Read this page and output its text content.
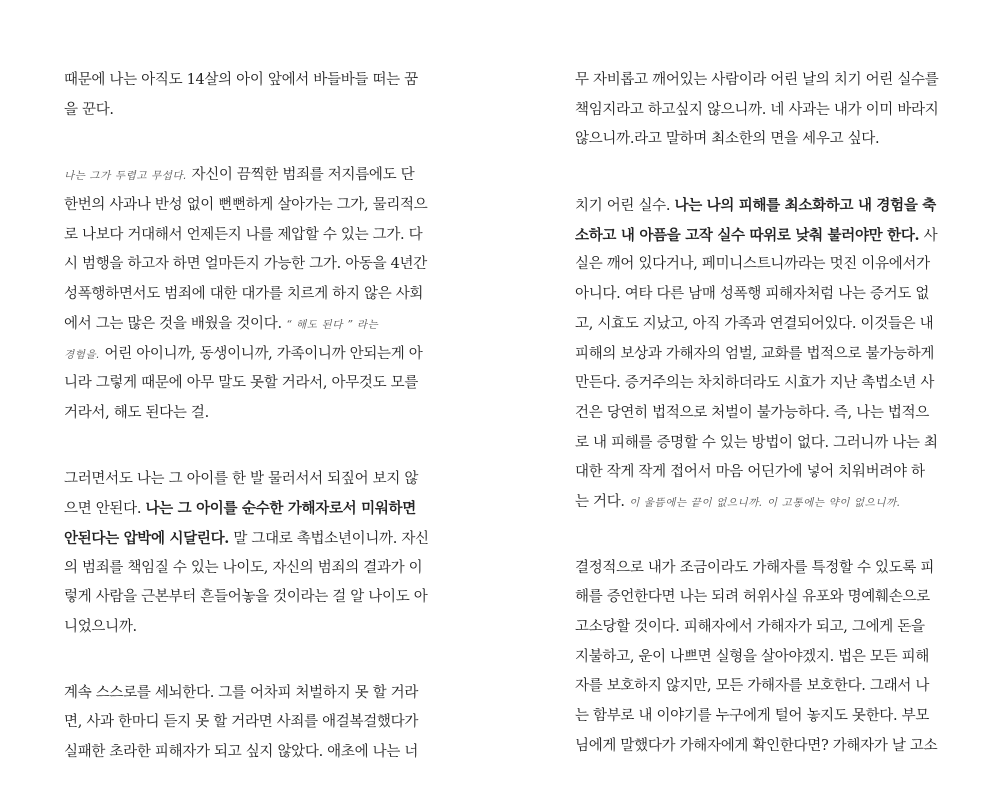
때문에 나는 아직도 14살의 아이 앞에서 바들바들 떠는 꿈
을 꾼다.
나는 그가 두렵고 무섭다. 자신이 끔찍한 범죄를 저지름에도 단
한번의 사과나 반성 없이 뻔뻔하게 살아가는 그가, 물리적으
로 나보다 거대해서 언제든지 나를 제압할 수 있는 그가. 다
시 범행을 하고자 하면 얼마든지 가능한 그가. 아동을 4년간
성폭행하면서도 범죄에 대한 대가를 치르게 하지 않은 사회
에서 그는 많은 것을 배웠을 것이다. “ 해도 된다 ” 라는
경험을. 어린 아이니까, 동생이니까, 가족이니까 안되는게 아
니라 그렇게 때문에 아무 말도 못할 거라서, 아무것도 모를
거라서, 해도 된다는 걸.
그러면서도 나는 그 아이를 한 발 물러서서 되짚어 보지 않
으면 안된다. 나는 그 아이를 순수한 가해자로서 미워하면
안된다는 압박에 시달린다. 말 그대로 촉법소년이니까. 자신
의 범죄를 책임질 수 있는 나이도, 자신의 범죄의 결과가 이
렇게 사람을 근본부터 흔들어놓을 것이라는 걸 알 나이도 아
니었으니까.
계속 스스로를 세뇌한다. 그를 어차피 처벌하지 못 할 거라
면, 사과 한마디 듣지 못 할 거라면 사죄를 애걸복걸했다가
실패한 초라한 피해자가 되고 싶지 않았다. 애초에 나는 너
무 자비롭고 깨어있는 사람이라 어린 날의 치기 어린 실수를
책임지라고 하고싶지 않으니까. 네 사과는 내가 이미 바라지
않으니까.라고 말하며 최소한의 면을 세우고 싶다.
치기 어린 실수. 나는 나의 피해를 최소화하고 내 경험을 축
소하고 내 아픔을 고작 실수 따위로 낮춰 불러야만 한다. 사
실은 깨어 있다거나, 페미니스트니까라는 멋진 이유에서가
아니다. 여타 다른 남매 성폭행 피해자처럼 나는 증거도 없
고, 시효도 지났고, 아직 가족과 연결되어있다. 이것들은 내
피해의 보상과 가해자의 엄벌, 교화를 법적으로 불가능하게
만든다. 증거주의는 차치하더라도 시효가 지난 촉법소년 사
건은 당연히 법적으로 처벌이 불가능하다. 즉, 나는 법적으
로 내 피해를 증명할 수 있는 방법이 없다. 그러니까 나는 최
대한 작게 작게 접어서 마음 어딘가에 넣어 치워버려야 하
는 거다. 이 울뜸에는 끝이 없으니까. 이 고통에는 약이 없으니까.
결정적으로 내가 조금이라도 가해자를 특정할 수 있도록 피
해를 증언한다면 나는 되려 허위사실 유포와 명예훼손으로
고소당할 것이다. 피해자에서 가해자가 되고, 그에게 돈을
지불하고, 운이 나쁘면 실형을 살아야겠지. 법은 모든 피해
자를 보호하지 않지만, 모든 가해자를 보호한다. 그래서 나
는 함부로 내 이야기를 누구에게 털어 놓지도 못한다. 부모
님에게 말했다가 가해자에게 확인한다면? 가해자가 날 고소
